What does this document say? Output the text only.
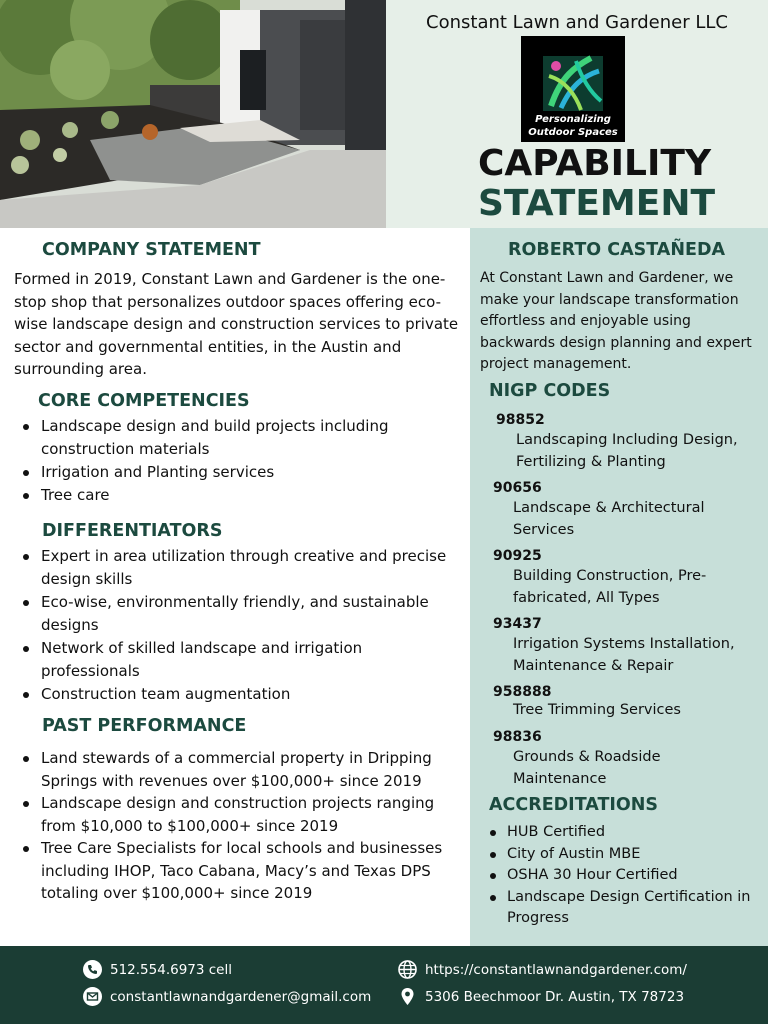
Constant Lawn and Gardener LLC
Personalizing
Outdoor Spaces
CAPABILITY
STATEMENT
COMPANY STATEMENT
Formed in 2019, Constant Lawn and Gardener is the one-stop shop that personalizes outdoor spaces offering eco-wise landscape design and construction services to private sector and governmental entities, in the Austin and surrounding area.
CORE COMPETENCIES
Landscape design and build projects including construction materials
Irrigation and Planting services
Tree care
DIFFERENTIATORS
Expert in area utilization through creative and precise design skills
Eco-wise, environmentally friendly, and sustainable designs
Network of skilled landscape and irrigation professionals
Construction team augmentation
PAST PERFORMANCE
Land stewards of a commercial property in Dripping Springs with revenues over $100,000+ since 2019
Landscape design and construction projects ranging from $10,000 to $100,000+ since 2019
Tree Care Specialists for local schools and businesses including IHOP, Taco Cabana, Macy’s and Texas DPS totaling over $100,000+ since 2019
ROBERTO CASTAÑEDA
At Constant Lawn and Gardener, we make your landscape transformation effortless and enjoyable using backwards design planning and expert project management.
NIGP CODES
98852
Landscaping Including Design, Fertilizing & Planting
90656
Landscape & Architectural Services
90925
Building Construction, Pre-fabricated, All Types
93437
Irrigation Systems Installation, Maintenance & Repair
958888
Tree Trimming Services
98836
Grounds & Roadside Maintenance
ACCREDITATIONS
HUB Certified
City of Austin MBE
OSHA 30 Hour Certified
Landscape Design Certification in Progress
512.554.6973 cell
constantlawnandgardener@gmail.com
https://constantlawnandgardener.com/
5306 Beechmoor Dr. Austin, TX 78723
